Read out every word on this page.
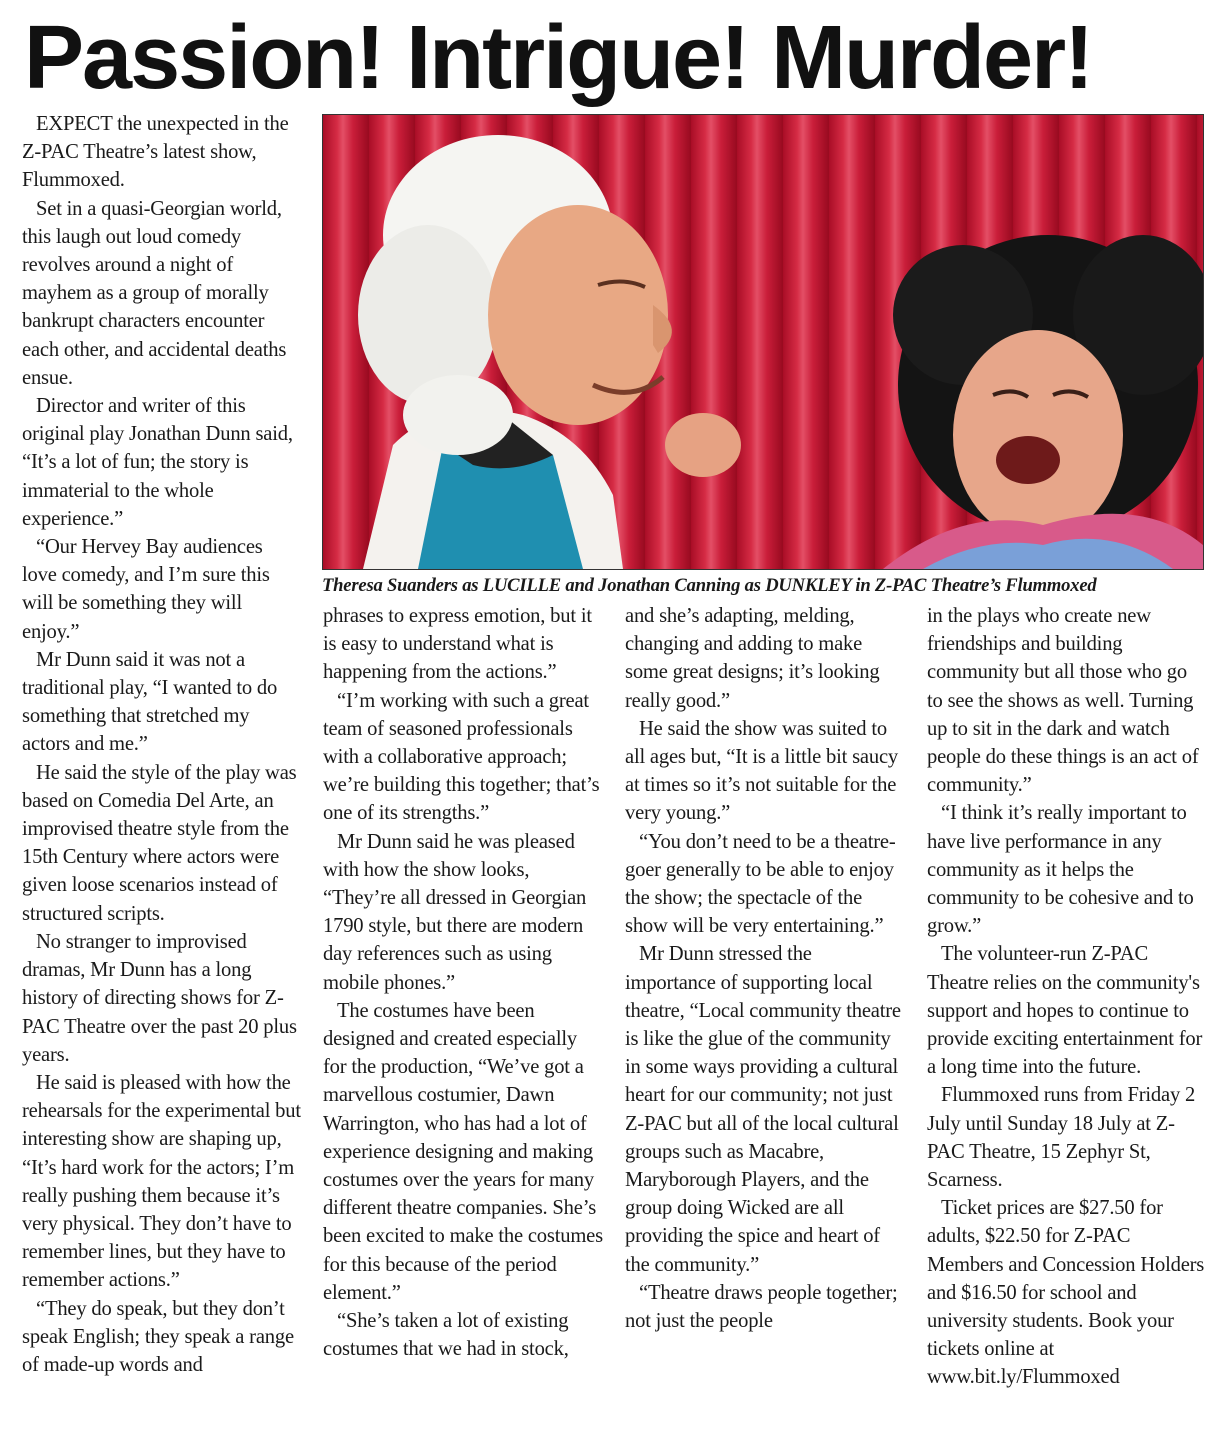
Passion! Intrigue! Murder!

EXPECT the unexpected in the Z-PAC Theatre’s latest show, Flummoxed.

Set in a quasi-Georgian world, this laugh out loud comedy revolves around a night of mayhem as a group of morally bankrupt characters encounter each other, and accidental deaths ensue.

Director and writer of this original play Jonathan Dunn said, “It’s a lot of fun; the story is immaterial to the whole experience.”

“Our Hervey Bay audiences love comedy, and I’m sure this will be something they will enjoy.”

Mr Dunn said it was not a traditional play, “I wanted to do something that stretched my actors and me.”

He said the style of the play was based on Comedia Del Arte, an improvised theatre style from the 15th Century where actors were given loose scenarios instead of structured scripts.

No stranger to improvised dramas, Mr Dunn has a long history of directing shows for Z-PAC Theatre over the past 20 plus years.

He said is pleased with how the rehearsals for the experimental but interesting show are shaping up, “It’s hard work for the actors; I’m really pushing them because it’s very physical. They don’t have to remember lines, but they have to remember actions.”

“They do speak, but they don’t speak English; they speak a range of made-up words and

Theresa Suanders as LUCILLE and Jonathan Canning as DUNKLEY in Z-PAC Theatre’s Flummoxed

phrases to express emotion, but it is easy to understand what is happening from the actions.”

“I’m working with such a great team of seasoned professionals with a collaborative approach; we’re building this together; that’s one of its strengths.”

Mr Dunn said he was pleased with how the show looks, “They’re all dressed in Georgian 1790 style, but there are modern day references such as using mobile phones.”

The costumes have been designed and created especially for the production, “We’ve got a marvellous costumier, Dawn Warrington, who has had a lot of experience designing and making costumes over the years for many different theatre companies. She’s been excited to make the costumes for this because of the period element.”

“She’s taken a lot of existing costumes that we had in stock,

and she’s adapting, melding, changing and adding to make some great designs; it’s looking really good.”

He said the show was suited to all ages but, “It is a little bit saucy at times so it’s not suitable for the very young.”

“You don’t need to be a theatre-goer generally to be able to enjoy the show; the spectacle of the show will be very entertaining.”

Mr Dunn stressed the importance of supporting local theatre, “Local community theatre is like the glue of the community in some ways providing a cultural heart for our community; not just Z-PAC but all of the local cultural groups such as Macabre, Maryborough Players, and the group doing Wicked are all providing the spice and heart of the community.”

“Theatre draws people together; not just the people

in the plays who create new friendships and building community but all those who go to see the shows as well. Turning up to sit in the dark and watch people do these things is an act of community.”

“I think it’s really important to have live performance in any community as it helps the community to be cohesive and to grow.”

The volunteer-run Z-PAC Theatre relies on the community's support and hopes to continue to provide exciting entertainment for a long time into the future.

Flummoxed runs from Friday 2 July until Sunday 18 July at Z-PAC Theatre, 15 Zephyr St, Scarness.

Ticket prices are $27.50 for adults, $22.50 for Z-PAC Members and Concession Holders and $16.50 for school and university students. Book your tickets online at www.bit.ly/Flummoxed
